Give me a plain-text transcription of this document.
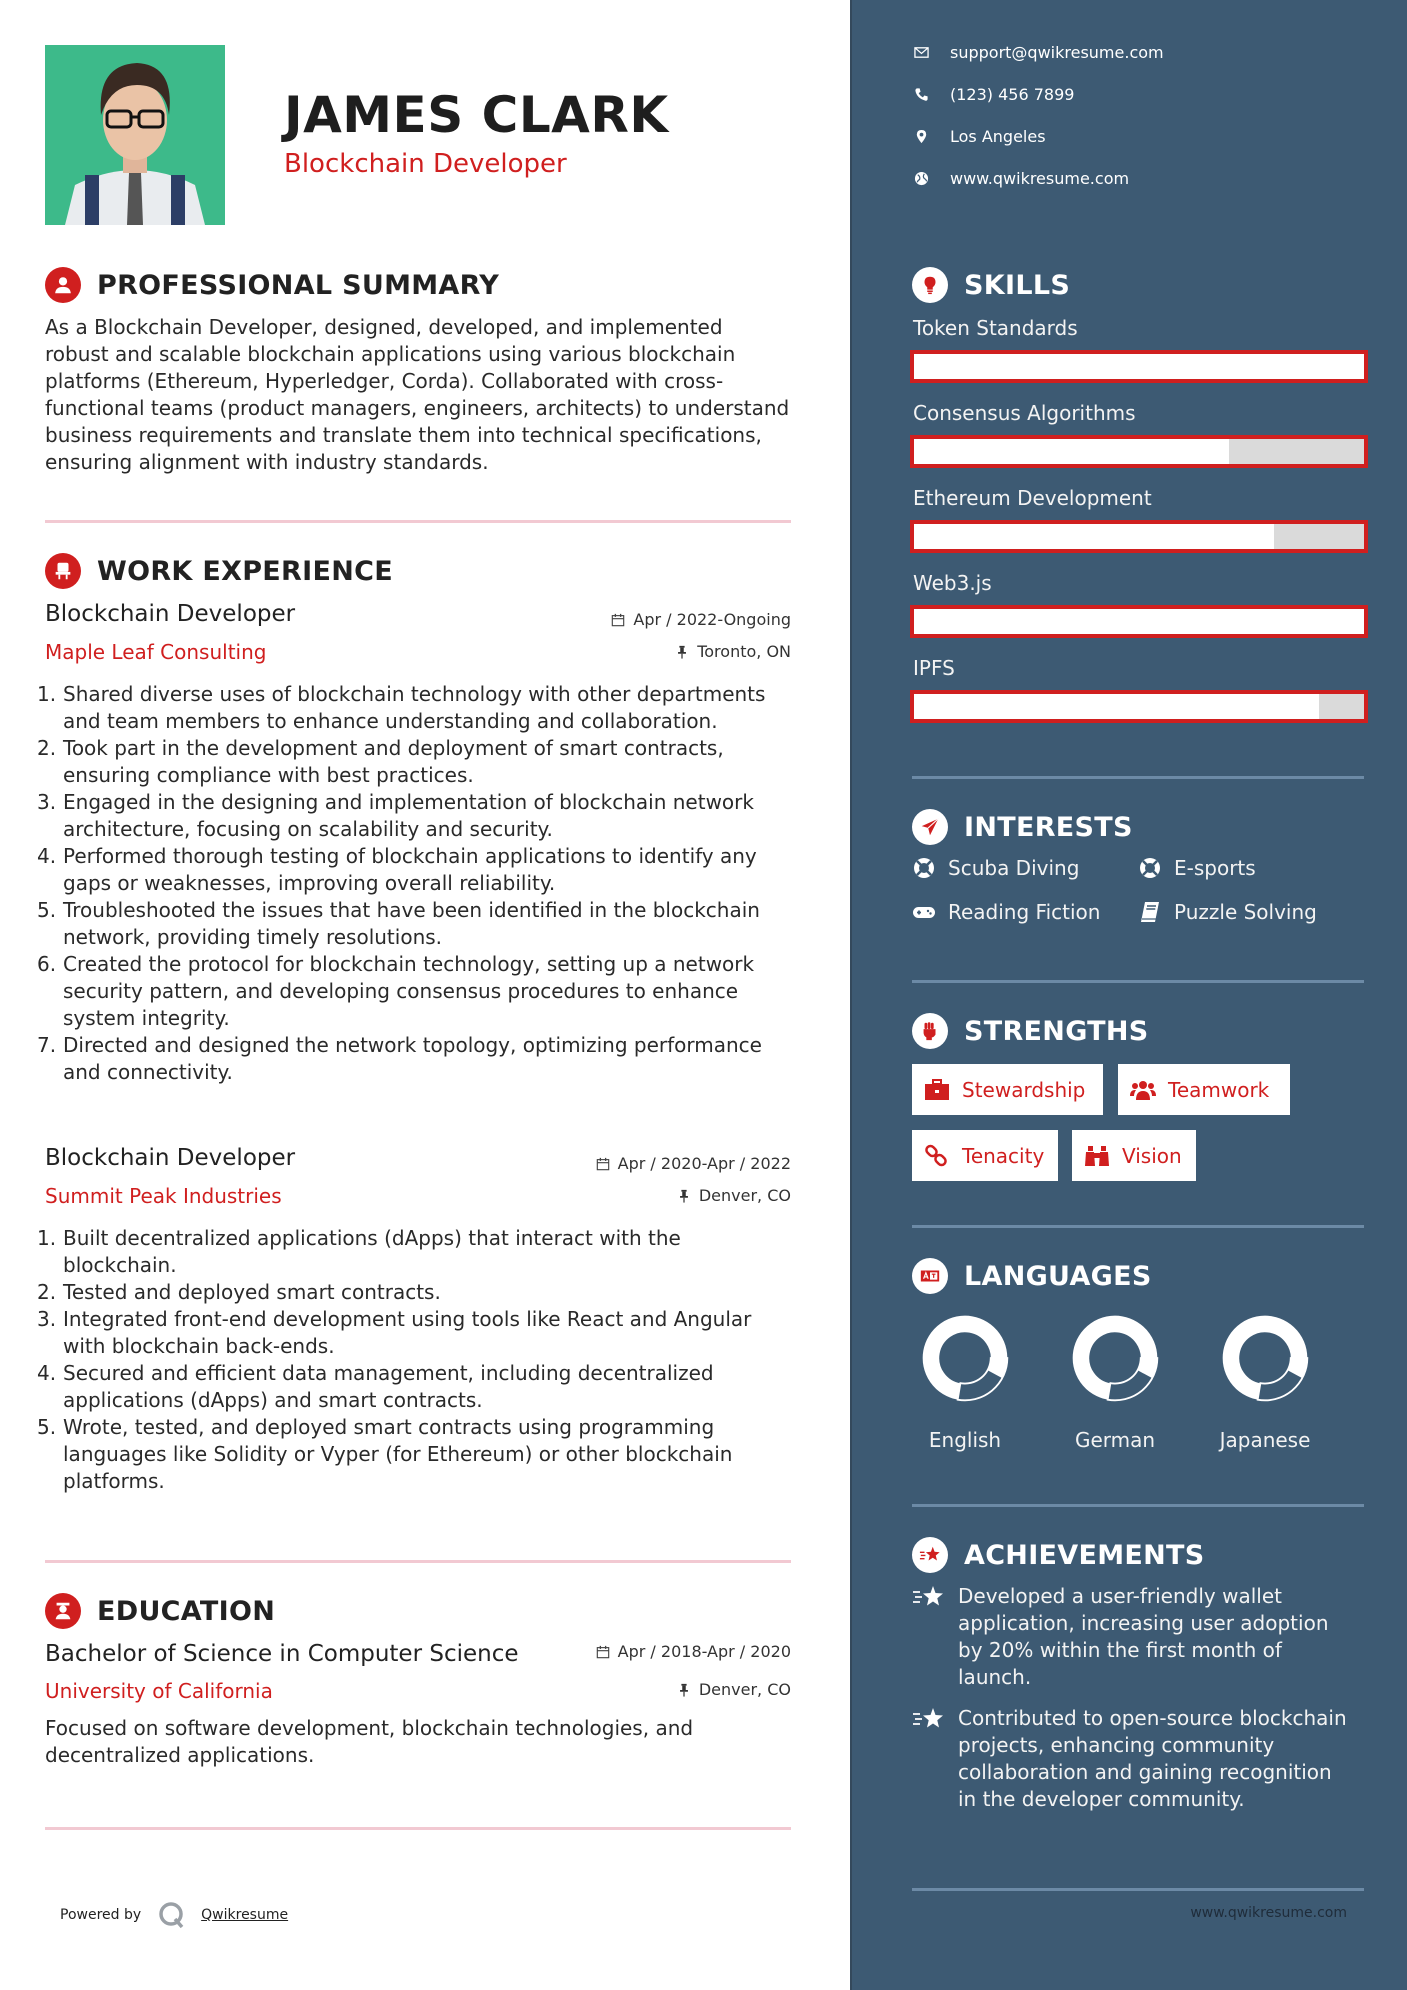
JAMES CLARK
Blockchain Developer
PROFESSIONAL SUMMARY
As a Blockchain Developer, designed, developed, and implemented robust and scalable blockchain applications using various blockchain platforms (Ethereum, Hyperledger, Corda). Collaborated with cross-functional teams (product managers, engineers, architects) to understand business requirements and translate them into technical specifications, ensuring alignment with industry standards.
WORK EXPERIENCE
Blockchain Developer	Apr / 2022-Ongoing
Maple Leaf Consulting	Toronto, ON
Shared diverse uses of blockchain technology with other departments and team members to enhance understanding and collaboration.
Took part in the development and deployment of smart contracts, ensuring compliance with best practices.
Engaged in the designing and implementation of blockchain network architecture, focusing on scalability and security.
Performed thorough testing of blockchain applications to identify any gaps or weaknesses, improving overall reliability.
Troubleshooted the issues that have been identified in the blockchain network, providing timely resolutions.
Created the protocol for blockchain technology, setting up a network security pattern, and developing consensus procedures to enhance system integrity.
Directed and designed the network topology, optimizing performance and connectivity.
Blockchain Developer	Apr / 2020-Apr / 2022
Summit Peak Industries	Denver, CO
Built decentralized applications (dApps) that interact with the blockchain.
Tested and deployed smart contracts.
Integrated front-end development using tools like React and Angular with blockchain back-ends.
Secured and efficient data management, including decentralized applications (dApps) and smart contracts.
Wrote, tested, and deployed smart contracts using programming languages like Solidity or Vyper (for Ethereum) or other blockchain platforms.
EDUCATION
Bachelor of Science in Computer Science	Apr / 2018-Apr / 2020
University of California	Denver, CO
Focused on software development, blockchain technologies, and decentralized applications.
Powered by	Qwikresume
support@qwikresume.com
(123) 456 7899
Los Angeles
www.qwikresume.com
SKILLS
Token Standards
Consensus Algorithms
Ethereum Development
Web3.js
IPFS
INTERESTS
Scuba Diving	E-sports
Reading Fiction	Puzzle Solving
STRENGTHS
Stewardship	Teamwork
Tenacity	Vision
LANGUAGES
English	German	Japanese
ACHIEVEMENTS
Developed a user-friendly wallet application, increasing user adoption by 20% within the first month of launch.
Contributed to open-source blockchain projects, enhancing community collaboration and gaining recognition in the developer community.
www.qwikresume.com
